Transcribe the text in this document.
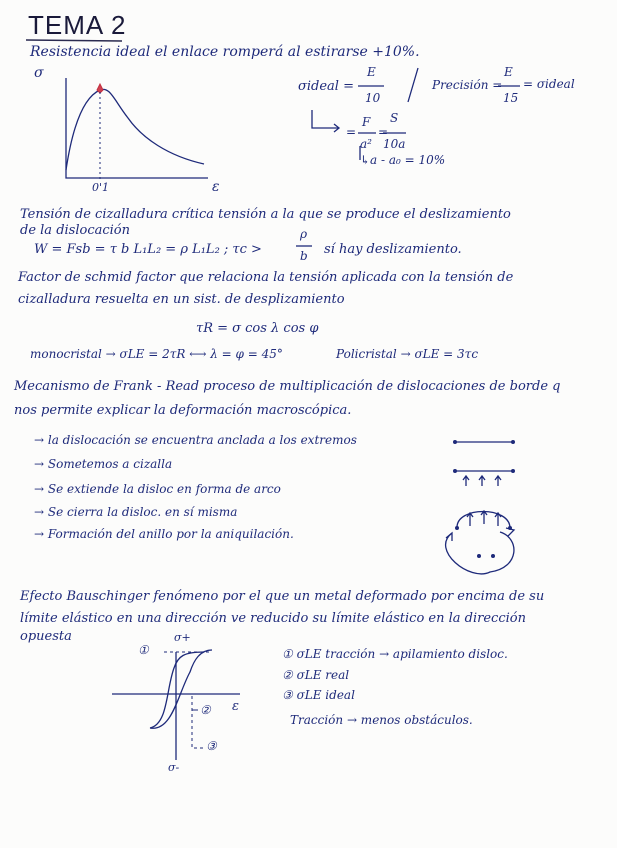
TEMA 2
Resistencia ideal el enlace romperá al estirarse +10%.
σ
ε
0'1
σideal =
E
10
Precisión =
E
15
= σideal
F
a²
= =
S
10a
↳a - a₀ = 10%
Tensión de cizalladura crítica tensión a la que se produce el deslizamiento
de la dislocación
W = Fsb = τ b L₁L₂ = ρ L₁L₂ ; τc >
ρ
b sí hay deslizamiento.
Factor de schmid factor que relaciona la tensión aplicada con la tensión de
cizalladura resuelta en un sist. de desplizamiento
τR = σ cos λ cos φ
monocristal → σLE = 2τR ⟷ λ = φ = 45°	Policristal → σLE = 3τc
Mecanismo de Frank - Read proceso de multiplicación de dislocaciones de borde q
nos permite explicar la deformación macroscópica.
→ la dislocación se encuentra anclada a los extremos
→ Sometemos a cizalla
→ Se extiende la disloc en forma de arco
→ Se cierra la disloc. en sí misma
→ Formación del anillo por la aniquilación.
Efecto Bauschinger fenómeno por el que un metal deformado por encima de su
límite elástico en una dirección ve reducido su límite elástico en la dirección
opuesta	σ+
σ-
ε
①
②
③
① σLE tracción → apilamiento disloc.
② σLE real
③ σLE ideal
Tracción → menos obstáculos.
